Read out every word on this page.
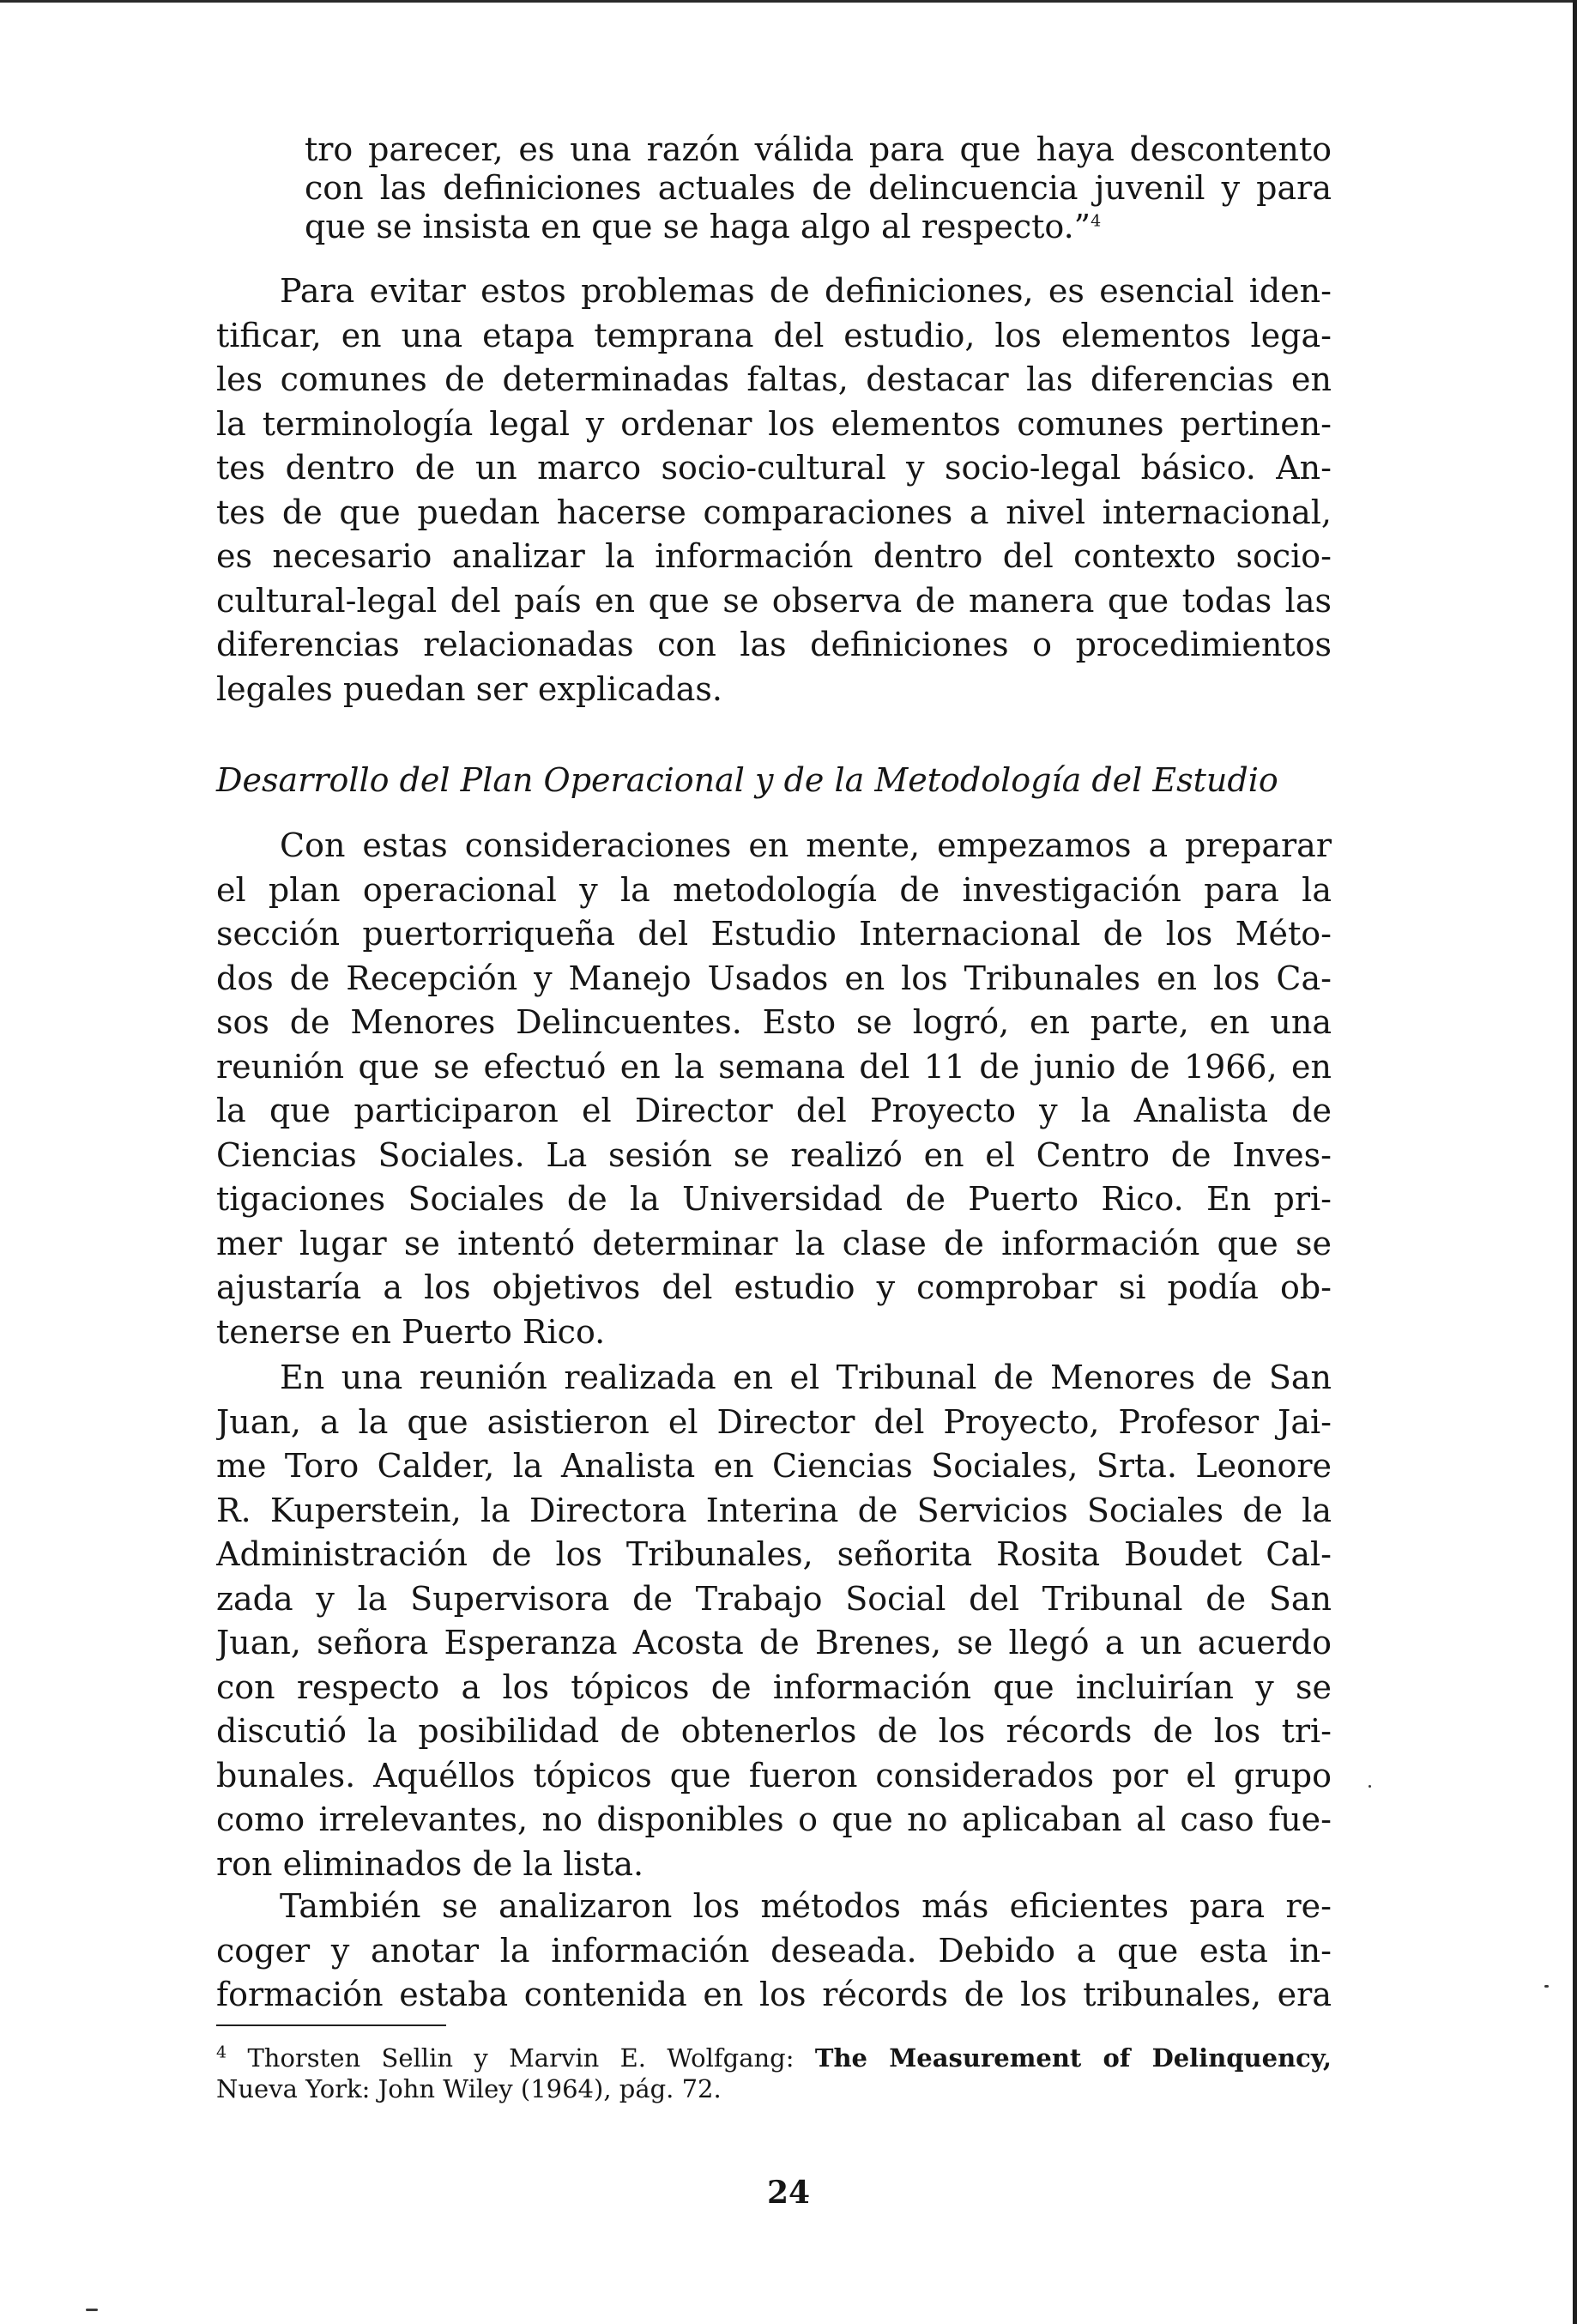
tro parecer, es una razón válida para que haya descontento
con las definiciones actuales de delincuencia juvenil y para
que se insista en que se haga algo al respecto.”$^4$
Para evitar estos problemas de definiciones, es esencial iden-
tificar, en una etapa temprana del estudio, los elementos lega-
les comunes de determinadas faltas, destacar las diferencias en
la terminología legal y ordenar los elementos comunes pertinen-
tes dentro de un marco socio-cultural y socio-legal básico. An-
tes de que puedan hacerse comparaciones a nivel internacional,
es necesario analizar la información dentro del contexto socio-
cultural-legal del país en que se observa de manera que todas las
diferencias relacionadas con las definiciones o procedimientos
legales puedan ser explicadas.
Desarrollo del Plan Operacional y de la Metodología del Estudio
Con estas consideraciones en mente, empezamos a preparar
el plan operacional y la metodología de investigación para la
sección puertorriqueña del Estudio Internacional de los Méto-
dos de Recepción y Manejo Usados en los Tribunales en los Ca-
sos de Menores Delincuentes. Esto se logró, en parte, en una
reunión que se efectuó en la semana del 11 de junio de 1966, en
la que participaron el Director del Proyecto y la Analista de
Ciencias Sociales. La sesión se realizó en el Centro de Inves-
tigaciones Sociales de la Universidad de Puerto Rico. En pri-
mer lugar se intentó determinar la clase de información que se
ajustaría a los objetivos del estudio y comprobar si podía ob-
tenerse en Puerto Rico.
En una reunión realizada en el Tribunal de Menores de San
Juan, a la que asistieron el Director del Proyecto, Profesor Jai-
me Toro Calder, la Analista en Ciencias Sociales, Srta. Leonore
R. Kuperstein, la Directora Interina de Servicios Sociales de la
Administración de los Tribunales, señorita Rosita Boudet Cal-
zada y la Supervisora de Trabajo Social del Tribunal de San
Juan, señora Esperanza Acosta de Brenes, se llegó a un acuerdo
con respecto a los tópicos de información que incluirían y se
discutió la posibilidad de obtenerlos de los récords de los tri-
bunales. Aquéllos tópicos que fueron considerados por el grupo
como irrelevantes, no disponibles o que no aplicaban al caso fue-
ron eliminados de la lista.
También se analizaron los métodos más eficientes para re-
coger y anotar la información deseada. Debido a que esta in-
formación estaba contenida en los récords de los tribunales, era
$^4$ Thorsten Sellin y Marvin E. Wolfgang: The Measurement of Delinquency,
Nueva York: John Wiley (1964), pág. 72.
24
